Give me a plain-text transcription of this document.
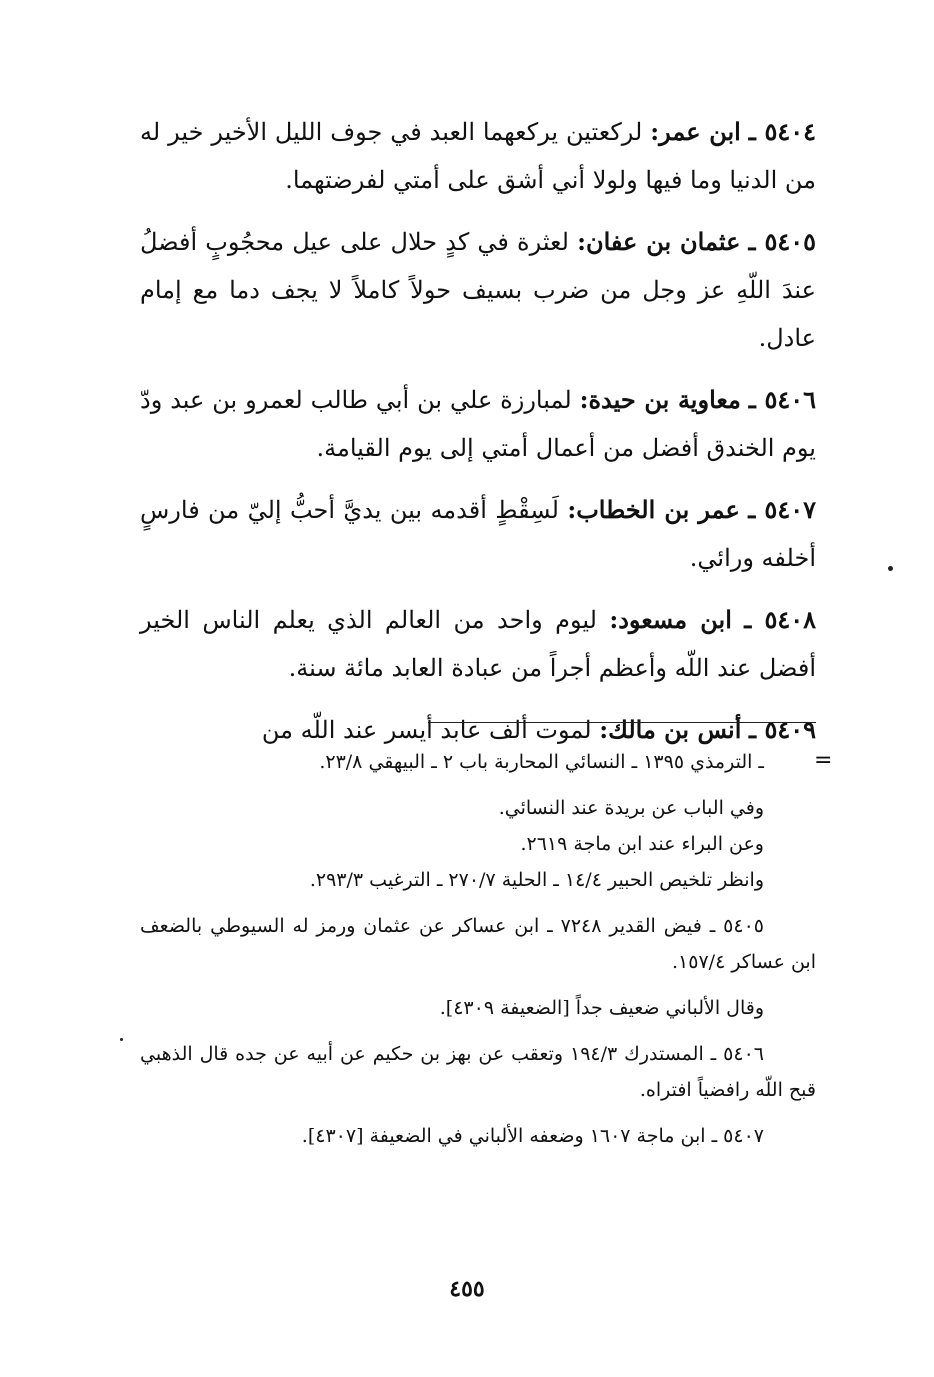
٥٤٠٤ ـ ابن عمر: لركعتين يركعهما العبد في جوف الليل الأخير خير له من الدنيا وما فيها ولولا أني أشق على أمتي لفرضتهما.

٥٤٠٥ ـ عثمان بن عفان: لعثرة في كدٍ حلال على عيل محجُوبٍ أفضلُ عندَ اللّهِ عز وجل من ضرب بسيف حولاً كاملاً لا يجف دما مع إمام عادل.

٥٤٠٦ ـ معاوية بن حيدة: لمبارزة علي بن أبي طالب لعمرو بن عبد ودّ يوم الخندق أفضل من أعمال أمتي إلى يوم القيامة.

٥٤٠٧ ـ عمر بن الخطاب: لَسِقْطٍ أقدمه بين يديَّ أحبُّ إليّ من فارسٍ أخلفه ورائي.

٥٤٠٨ ـ ابن مسعود: ليوم واحد من العالم الذي يعلم الناس الخير أفضل عند اللّه وأعظم أجراً من عبادة العابد مائة سنة.

٥٤٠٩ ـ أنس بن مالك: لموت ألف عابد أيسر عند اللّه من

=

ـ الترمذي ١٣٩٥ ـ النسائي المحاربة باب ٢ ـ البيهقي ٢٣/٨.

وفي الباب عن بريدة عند النسائي.

وعن البراء عند ابن ماجة ٢٦١٩.

وانظر تلخيص الحبير ١٤/٤ ـ الحلية ٢٧٠/٧ ـ الترغيب ٢٩٣/٣.

٥٤٠٥ ـ فيض القدير ٧٢٤٨ ـ ابن عساكر عن عثمان ورمز له السيوطي بالضعف ابن عساكر ١٥٧/٤.

وقال الألباني ضعيف جداً [الضعيفة ٤٣٠٩].

٥٤٠٦ ـ المستدرك ١٩٤/٣ وتعقب عن بهز بن حكيم عن أبيه عن جده قال الذهبي قبح اللّه رافضياً افتراه.

٥٤٠٧ ـ ابن ماجة ١٦٠٧ وضعفه الألباني في الضعيفة [٤٣٠٧].

٤٥٥
